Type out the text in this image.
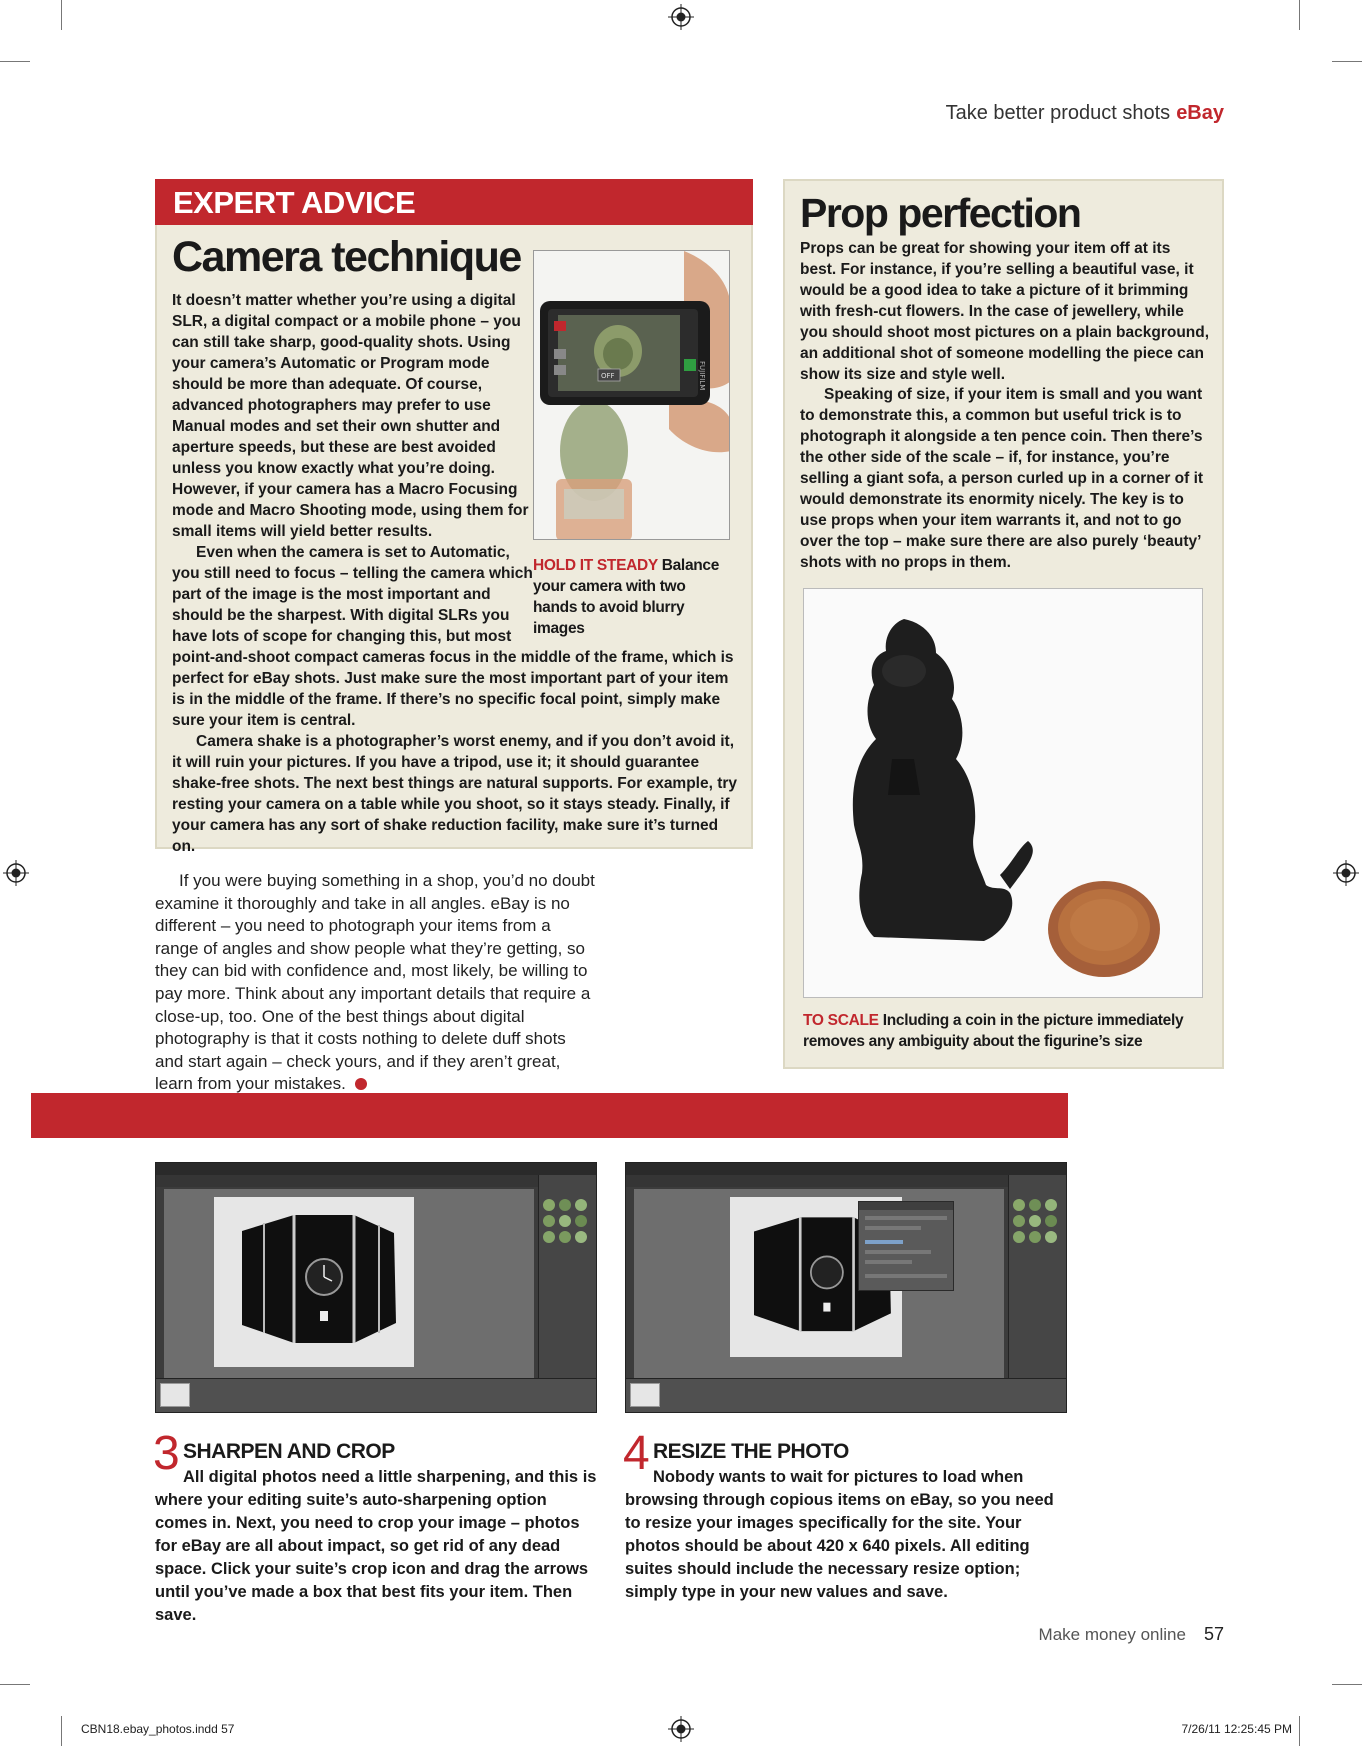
Take better product shots eBay
EXPERT ADVICE
Camera technique
It doesn’t matter whether you’re using a digital
SLR, a digital compact or a mobile phone – you
can still take sharp, good-quality shots. Using
your camera’s Automatic or Program mode
should be more than adequate. Of course,
advanced photographers may prefer to use
Manual modes and set their own shutter and
aperture speeds, but these are best avoided
unless you know exactly what you’re doing.
However, if your camera has a Macro Focusing
mode and Macro Shooting mode, using them for
small items will yield better results.
Even when the camera is set to Automatic,
you still need to focus – telling the camera which
part of the image is the most important and
should be the sharpest. With digital SLRs you
have lots of scope for changing this, but most
FUJIFILM
OFF
HOLD IT STEADY Balance your camera with two hands to avoid blurry images
point-and-shoot compact cameras focus in the middle of the frame, which is perfect for eBay shots. Just make sure the most important part of your item is in the middle of the frame. If there’s no specific focal point, simply make sure your item is central.
Camera shake is a photographer’s worst enemy, and if you don’t avoid it, it will ruin your pictures. If you have a tripod, use it; it should guarantee shake-free shots. The next best things are natural supports. For example, try resting your camera on a table while you shoot, so it stays steady. Finally, if your camera has any sort of shake reduction facility, make sure it’s turned on.
If you were buying something in a shop, you’d no doubt examine it thoroughly and take in all angles. eBay is no different – you need to photograph your items from a range of angles and show people what they’re getting, so they can bid with confidence and, most likely, be willing to pay more. Think about any important details that require a close-up, too. One of the best things about digital photography is that it costs nothing to delete duff shots and start again – check yours, and if they aren’t great, learn from your mistakes.
Prop perfection
Props can be great for showing your item off at its best. For instance, if you’re selling a beautiful vase, it would be a good idea to take a picture of it brimming with fresh-cut flowers. In the case of jewellery, while you should shoot most pictures on a plain background, an additional shot of someone modelling the piece can show its size and style well.
Speaking of size, if your item is small and you want to demonstrate this, a common but useful trick is to photograph it alongside a ten pence coin. Then there’s the other side of the scale – if, for instance, you’re selling a giant sofa, a person curled up in a corner of it would demonstrate its enormity nicely. The key is to use props when your item warrants it, and not to go over the top – make sure there are also purely ‘beauty’ shots with no props in them.
TO SCALE Including a coin in the picture immediately removes any ambiguity about the figurine’s size
3 SHARPEN AND CROP
All digital photos need a little sharpening, and this is where your editing suite’s auto-sharpening option comes in. Next, you need to crop your image – photos for eBay are all about impact, so get rid of any dead space. Click your suite’s crop icon and drag the arrows until you’ve made a box that best fits your item. Then save.
4 RESIZE THE PHOTO
Nobody wants to wait for pictures to load when browsing through copious items on eBay, so you need to resize your images specifically for the site. Your photos should be about 420 x 640 pixels. All editing suites should include the necessary resize option; simply type in your new values and save.
Make money online 57
CBN18.ebay_photos.indd 57	7/26/11 12:25:45 PM
